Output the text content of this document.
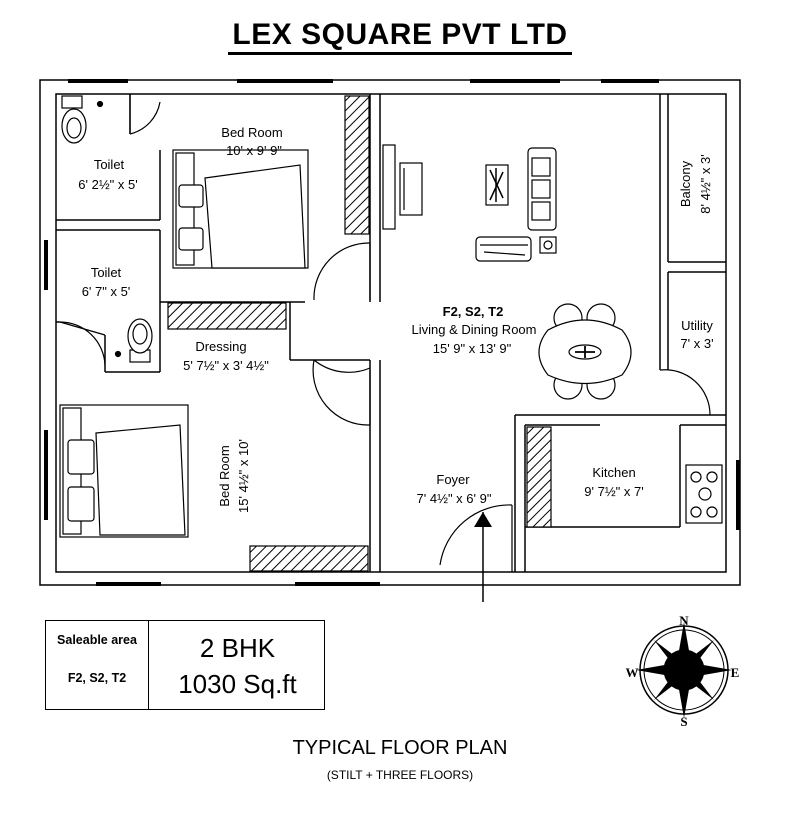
LEX SQUARE PVT LTD
N
S
W	E
Bed Room
10' x 9' 9"
Toilet
6' 2½" x 5'
Toilet
6' 7" x 5'
Dressing
5' 7½" x 3' 4½"
Bed Room 15' 4½" x 10'
F2, S2, T2
Living & Dining Room
15' 9" x 13' 9"
Balcony 8' 4½" x 3'
Utility
7' x 3'
Foyer
7' 4½" x 6' 9"
Kitchen
9' 7½" x 7'
Saleable area
F2, S2, T2
2 BHK
1030 Sq.ft
TYPICAL FLOOR PLAN
(STILT + THREE FLOORS)
